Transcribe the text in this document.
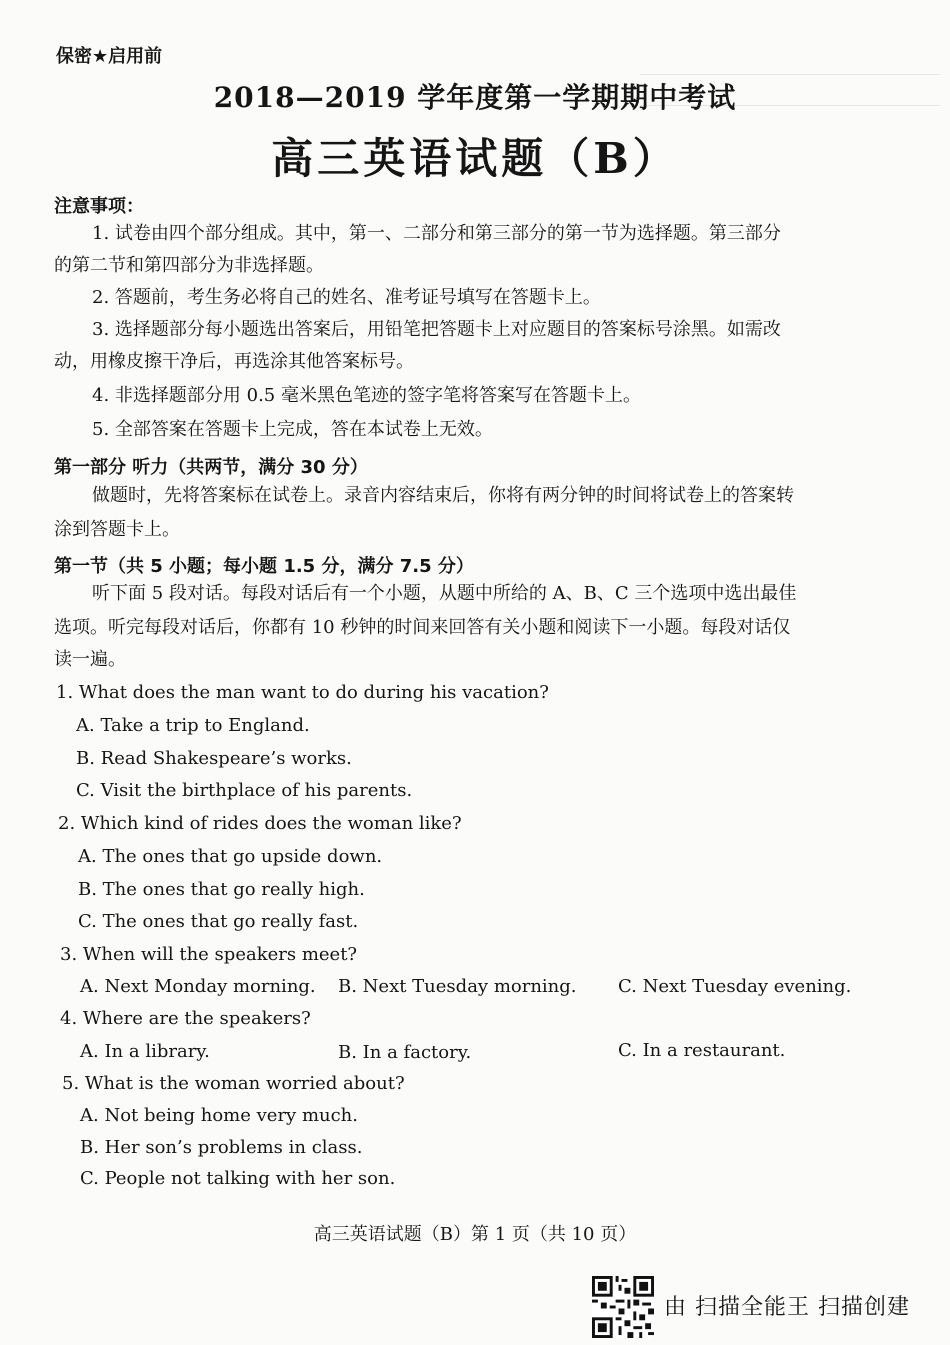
保密★启用前
2018—2019 学年度第一学期期中考试
高三英语试题（B）
注意事项：
1. 试卷由四个部分组成。其中，第一、二部分和第三部分的第一节为选择题。第三部分
的第二节和第四部分为非选择题。
2. 答题前，考生务必将自己的姓名、准考证号填写在答题卡上。
3. 选择题部分每小题选出答案后，用铅笔把答题卡上对应题目的答案标号涂黑。如需改
动，用橡皮擦干净后，再选涂其他答案标号。
4. 非选择题部分用 0.5 毫米黑色笔迹的签字笔将答案写在答题卡上。
5. 全部答案在答题卡上完成，答在本试卷上无效。
第一部分 听力（共两节，满分 30 分）
做题时，先将答案标在试卷上。录音内容结束后，你将有两分钟的时间将试卷上的答案转
涂到答题卡上。
第一节（共 5 小题；每小题 1.5 分，满分 7.5 分）
听下面 5 段对话。每段对话后有一个小题，从题中所给的 A、B、C 三个选项中选出最佳
选项。听完每段对话后，你都有 10 秒钟的时间来回答有关小题和阅读下一小题。每段对话仅
读一遍。
1. What does the man want to do during his vacation?
A. Take a trip to England.
B. Read Shakespeare’s works.
C. Visit the birthplace of his parents.
2. Which kind of rides does the woman like?
A. The ones that go upside down.
B. The ones that go really high.
C. The ones that go really fast.
3. When will the speakers meet?
A. Next Monday morning. B. Next Tuesday morning. C. Next Tuesday evening.
4. Where are the speakers?
A. In a library.	B. In a factory.	C. In a restaurant.
5. What is the woman worried about?
A. Not being home very much.
B. Her son’s problems in class.
C. People not talking with her son.
高三英语试题（B）第 1 页（共 10 页）
由 扫描全能王 扫描创建
